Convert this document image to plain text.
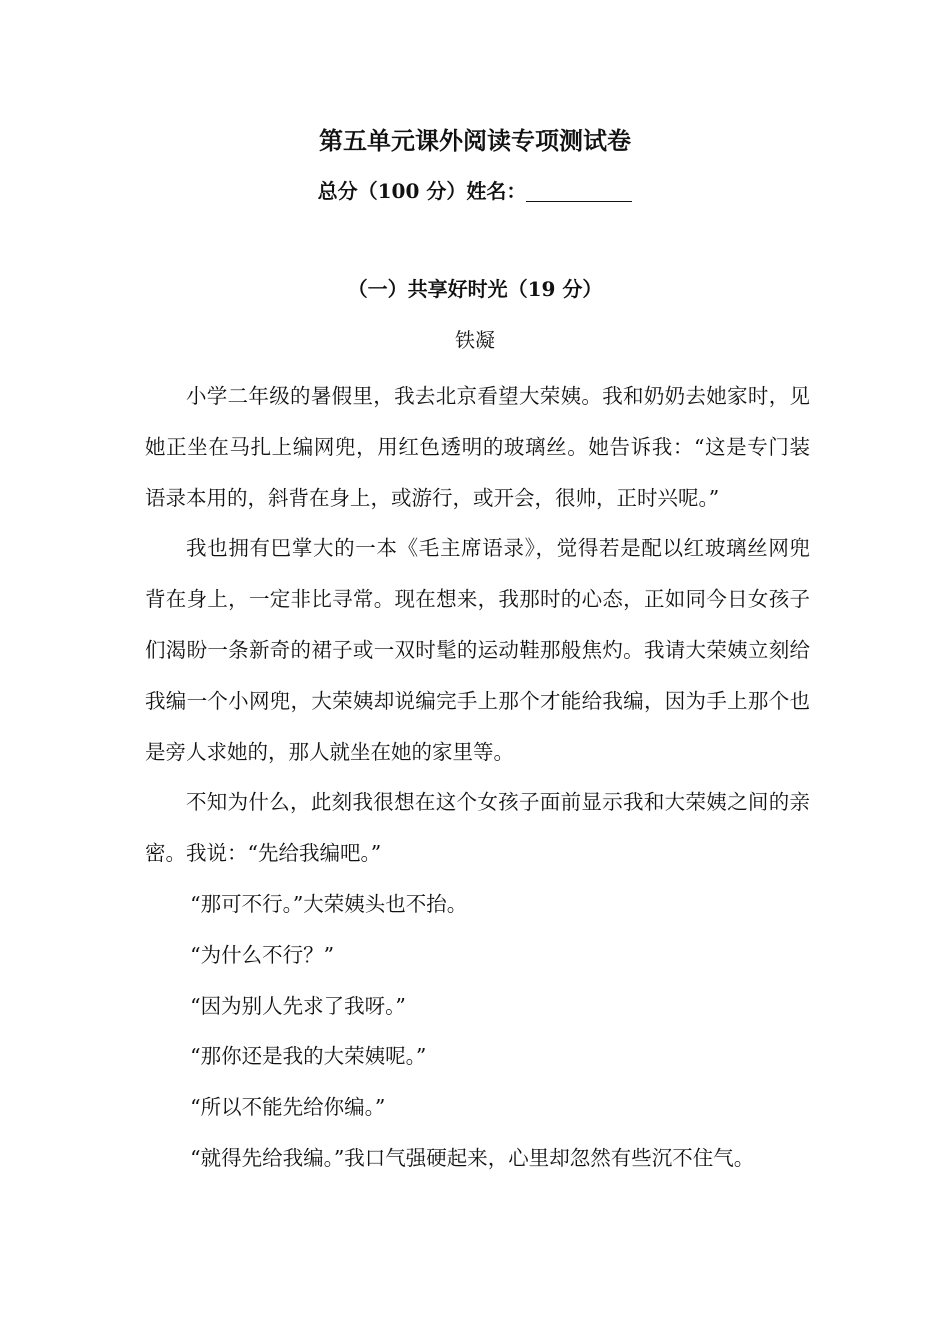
第五单元课外阅读专项测试卷
总分（100 分）姓名：
（一）共享好时光（19 分）
铁凝

小学二年级的暑假里，我去北京看望大荣姨。我和奶奶去她家时，见她正坐在马扎上编网兜，用红色透明的玻璃丝。她告诉我：“这是专门装语录本用的，斜背在身上，或游行，或开会，很帅，正时兴呢。”

我也拥有巴掌大的一本《毛主席语录》，觉得若是配以红玻璃丝网兜背在身上，一定非比寻常。现在想来，我那时的心态，正如同今日女孩子们渴盼一条新奇的裙子或一双时髦的运动鞋那般焦灼。我请大荣姨立刻给我编一个小网兜，大荣姨却说编完手上那个才能给我编，因为手上那个也是旁人求她的，那人就坐在她的家里等。

不知为什么，此刻我很想在这个女孩子面前显示我和大荣姨之间的亲密。我说：“先给我编吧。”

“那可不行。”大荣姨头也不抬。

“为什么不行？”

“因为别人先求了我呀。”

“那你还是我的大荣姨呢。”

“所以不能先给你编。”

“就得先给我编。”我口气强硬起来，心里却忽然有些沉不住气。
